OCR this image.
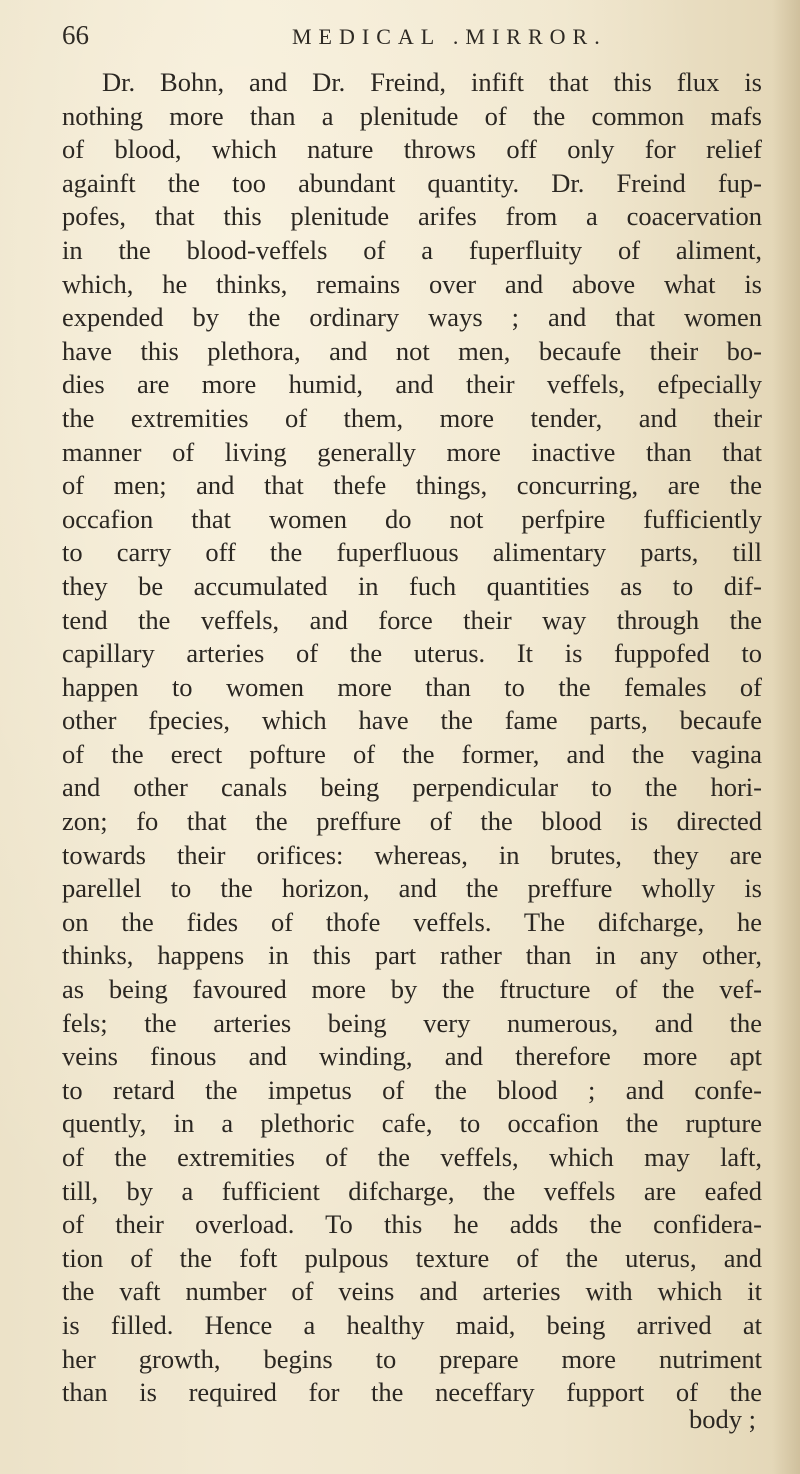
66	MEDICAL .MIRROR.
Dr. Bohn, and Dr. Freind, infift that this flux is
nothing more than a plenitude of the common mafs
of blood, which nature throws off only for relief
againft the too abundant quantity. Dr. Freind fup-
pofes, that this plenitude arifes from a coacervation
in the blood-veffels of a fuperfluity of aliment,
which, he thinks, remains over and above what is
expended by the ordinary ways ; and that women
have this plethora, and not men, becaufe their bo-
dies are more humid, and their veffels, efpecially
the extremities of them, more tender, and their
manner of living generally more inactive than that
of men; and that thefe things, concurring, are the
occafion that women do not perfpire fufficiently
to carry off the fuperfluous alimentary parts, till
they be accumulated in fuch quantities as to dif-
tend the veffels, and force their way through the
capillary arteries of the uterus. It is fuppofed to
happen to women more than to the females of
other fpecies, which have the fame parts, becaufe
of the erect pofture of the former, and the vagina
and other canals being perpendicular to the hori-
zon; fo that the preffure of the blood is directed
towards their orifices: whereas, in brutes, they are
parellel to the horizon, and the preffure wholly is
on the fides of thofe veffels. The difcharge, he
thinks, happens in this part rather than in any other,
as being favoured more by the ftructure of the vef-
fels; the arteries being very numerous, and the
veins finous and winding, and therefore more apt
to retard the impetus of the blood ; and confe-
quently, in a plethoric cafe, to occafion the rupture
of the extremities of the veffels, which may laft,
till, by a fufficient difcharge, the veffels are eafed
of their overload. To this he adds the confidera-
tion of the foft pulpous texture of the uterus, and
the vaft number of veins and arteries with which it
is filled. Hence a healthy maid, being arrived at
her growth, begins to prepare more nutriment
than is required for the neceffary fupport of the
body ;
